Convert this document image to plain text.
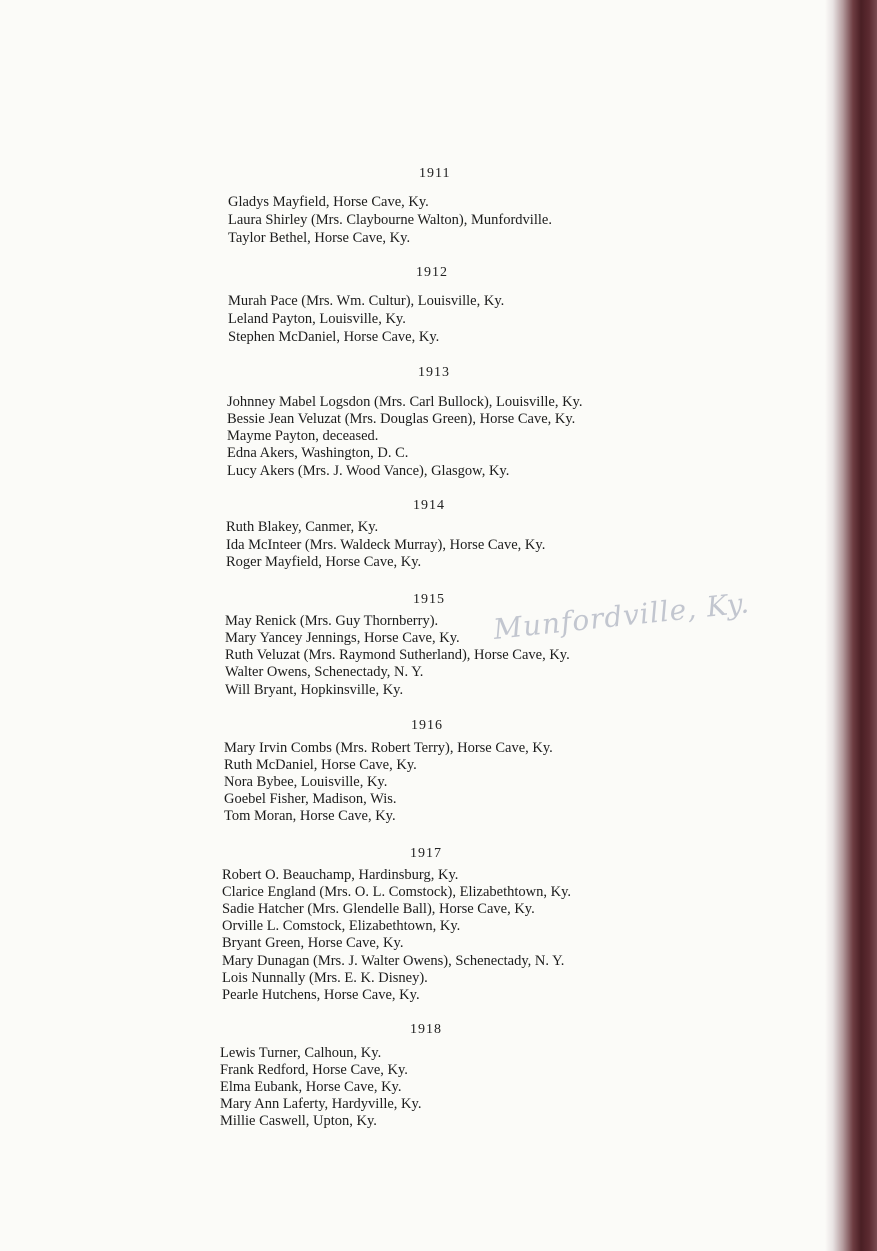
1911
Gladys Mayfield, Horse Cave, Ky.
Laura Shirley (Mrs. Claybourne Walton), Munfordville.
Taylor Bethel, Horse Cave, Ky.
1912
Murah Pace (Mrs. Wm. Cultur), Louisville, Ky.
Leland Payton, Louisville, Ky.
Stephen McDaniel, Horse Cave, Ky.
1913
Johnney Mabel Logsdon (Mrs. Carl Bullock), Louisville, Ky.
Bessie Jean Veluzat (Mrs. Douglas Green), Horse Cave, Ky.
Mayme Payton, deceased.
Edna Akers, Washington, D. C.
Lucy Akers (Mrs. J. Wood Vance), Glasgow, Ky.
1914
Ruth Blakey, Canmer, Ky.
Ida McInteer (Mrs. Waldeck Murray), Horse Cave, Ky.
Roger Mayfield, Horse Cave, Ky.
1915
May Renick (Mrs. Guy Thornberry).
Mary Yancey Jennings, Horse Cave, Ky.
Ruth Veluzat (Mrs. Raymond Sutherland), Horse Cave, Ky.
Walter Owens, Schenectady, N. Y.
Will Bryant, Hopkinsville, Ky.
Munfordville, Ky.
1916
Mary Irvin Combs (Mrs. Robert Terry), Horse Cave, Ky.
Ruth McDaniel, Horse Cave, Ky.
Nora Bybee, Louisville, Ky.
Goebel Fisher, Madison, Wis.
Tom Moran, Horse Cave, Ky.
1917
Robert O. Beauchamp, Hardinsburg, Ky.
Clarice England (Mrs. O. L. Comstock), Elizabethtown, Ky.
Sadie Hatcher (Mrs. Glendelle Ball), Horse Cave, Ky.
Orville L. Comstock, Elizabethtown, Ky.
Bryant Green, Horse Cave, Ky.
Mary Dunagan (Mrs. J. Walter Owens), Schenectady, N. Y.
Lois Nunnally (Mrs. E. K. Disney).
Pearle Hutchens, Horse Cave, Ky.
1918
Lewis Turner, Calhoun, Ky.
Frank Redford, Horse Cave, Ky.
Elma Eubank, Horse Cave, Ky.
Mary Ann Laferty, Hardyville, Ky.
Millie Caswell, Upton, Ky.
